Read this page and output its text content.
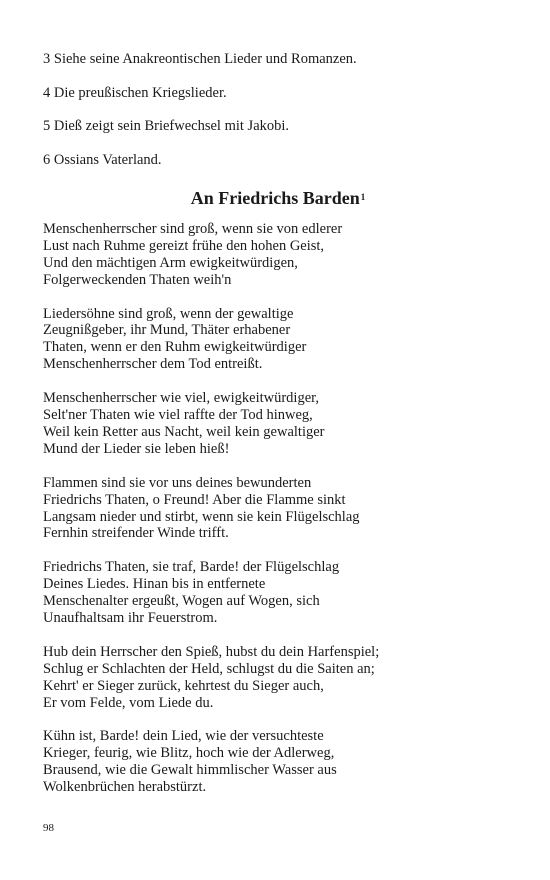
3 Siehe seine Anakreontischen Lieder und Romanzen.
4 Die preußischen Kriegslieder.
5 Dieß zeigt sein Briefwechsel mit Jakobi.
6 Ossians Vaterland.
An Friedrichs Barden$^1$
Menschenherrscher sind groß, wenn sie von edlerer
Lust nach Ruhme gereizt frühe den hohen Geist,
Und den mächtigen Arm ewigkeitwürdigen,
Folgerweckenden Thaten weih'n
Liedersöhne sind groß, wenn der gewaltige
Zeugnißgeber, ihr Mund, Thäter erhabener
Thaten, wenn er den Ruhm ewigkeitwürdiger
Menschenherrscher dem Tod entreißt.
Menschenherrscher wie viel, ewigkeitwürdiger,
Selt'ner Thaten wie viel raffte der Tod hinweg,
Weil kein Retter aus Nacht, weil kein gewaltiger
Mund der Lieder sie leben hieß!
Flammen sind sie vor uns deines bewunderten
Friedrichs Thaten, o Freund! Aber die Flamme sinkt
Langsam nieder und stirbt, wenn sie kein Flügelschlag
Fernhin streifender Winde trifft.
Friedrichs Thaten, sie traf, Barde! der Flügelschlag
Deines Liedes. Hinan bis in entfernete
Menschenalter ergeußt, Wogen auf Wogen, sich
Unaufhaltsam ihr Feuerstrom.
Hub dein Herrscher den Spieß, hubst du dein Harfenspiel;
Schlug er Schlachten der Held, schlugst du die Saiten an;
Kehrt' er Sieger zurück, kehrtest du Sieger auch,
Er vom Felde, vom Liede du.
Kühn ist, Barde! dein Lied, wie der versuchteste
Krieger, feurig, wie Blitz, hoch wie der Adlerweg,
Brausend, wie die Gewalt himmlischer Wasser aus
Wolkenbrüchen herabstürzt.
98
